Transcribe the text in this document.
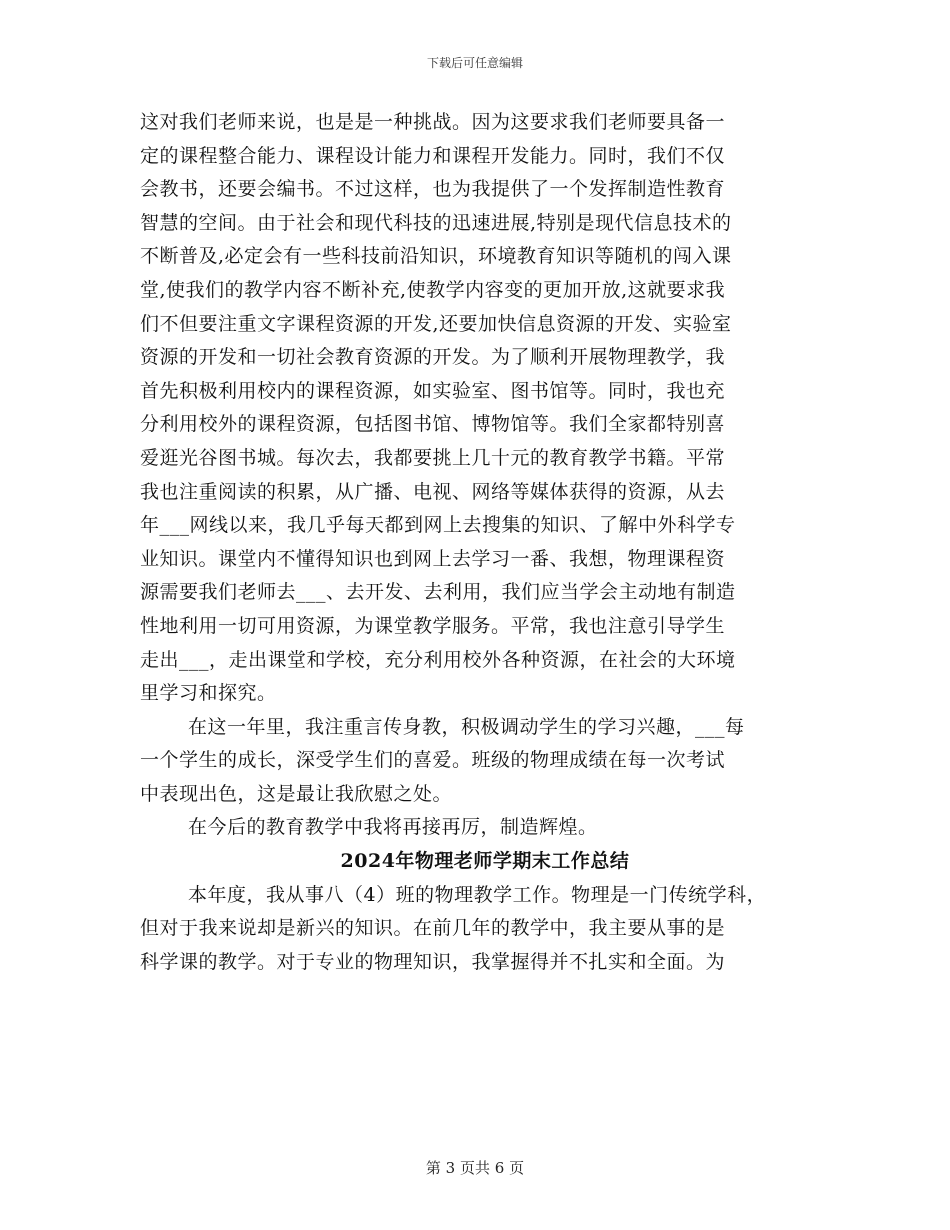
下载后可任意编辑
这对我们老师来说，也是是一种挑战。因为这要求我们老师要具备一
定的课程整合能力、课程设计能力和课程开发能力。同时，我们不仅
会教书，还要会编书。不过这样，也为我提供了一个发挥制造性教育
智慧的空间。由于社会和现代科技的迅速进展,特别是现代信息技术的
不断普及,必定会有一些科技前沿知识，环境教育知识等随机的闯入课
堂,使我们的教学内容不断补充,使教学内容变的更加开放,这就要求我
们不但要注重文字课程资源的开发,还要加快信息资源的开发、实验室
资源的开发和一切社会教育资源的开发。为了顺利开展物理教学，我
首先积极利用校内的课程资源，如实验室、图书馆等。同时，我也充
分利用校外的课程资源，包括图书馆、博物馆等。我们全家都特别喜
爱逛光谷图书城。每次去，我都要挑上几十元的教育教学书籍。平常
我也注重阅读的积累，从广播、电视、网络等媒体获得的资源，从去
年___网线以来，我几乎每天都到网上去搜集的知识、了解中外科学专
业知识。课堂内不懂得知识也到网上去学习一番、我想，物理课程资
源需要我们老师去___、去开发、去利用，我们应当学会主动地有制造
性地利用一切可用资源，为课堂教学服务。平常，我也注意引导学生
走出___，走出课堂和学校，充分利用校外各种资源，在社会的大环境
里学习和探究。
在这一年里，我注重言传身教，积极调动学生的学习兴趣，___每
一个学生的成长，深受学生们的喜爱。班级的物理成绩在每一次考试
中表现出色，这是最让我欣慰之处。
在今后的教育教学中我将再接再厉，制造辉煌。
2024年物理老师学期末工作总结
本年度，我从事八（4）班的物理教学工作。物理是一门传统学科，
但对于我来说却是新兴的知识。在前几年的教学中，我主要从事的是
科学课的教学。对于专业的物理知识，我掌握得并不扎实和全面。为
第 3 页共 6 页
